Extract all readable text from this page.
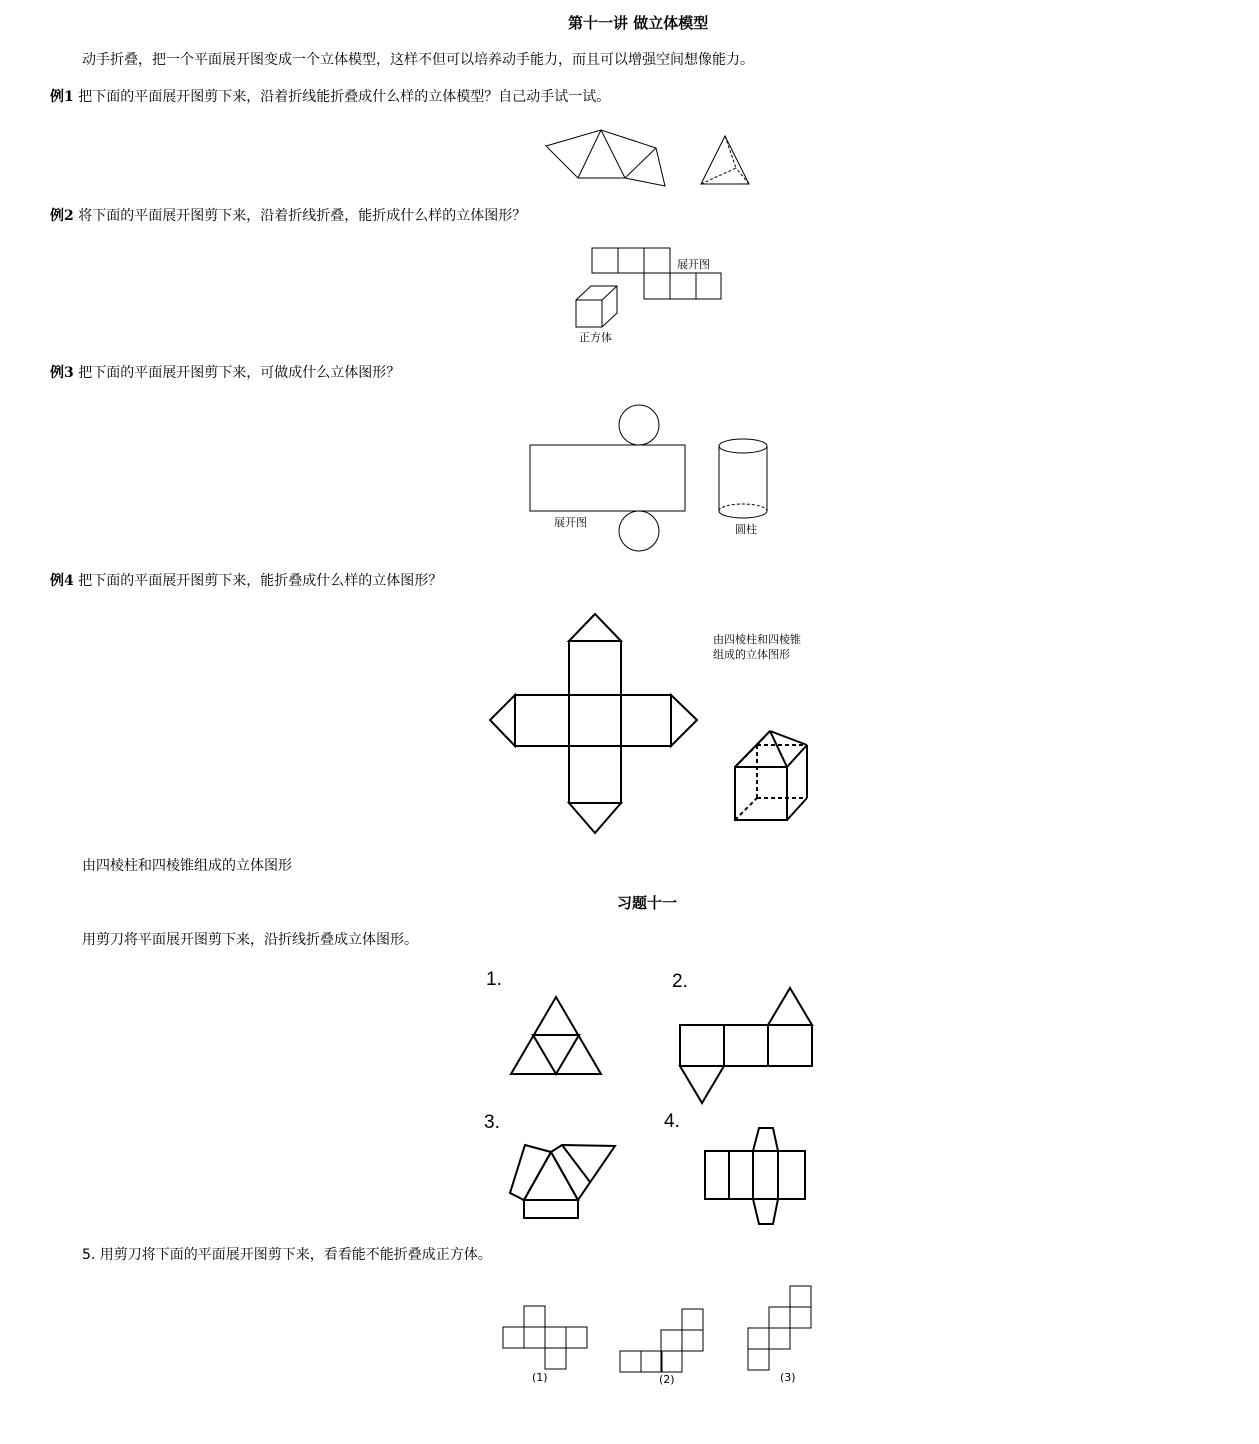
第十一讲 做立体模型
动手折叠，把一个平面展开图变成一个立体模型，这样不但可以培养动手能力，而且可以增强空间想像能力。
例1 把下面的平面展开图剪下来，沿着折线能折叠成什么样的立体模型？自己动手试一试。
例2 将下面的平面展开图剪下来，沿着折线折叠，能折成什么样的立体图形？
例3 把下面的平面展开图剪下来，可做成什么立体图形？
例4 把下面的平面展开图剪下来，能折叠成什么样的立体图形？
展开图
正方体
展开图
圆柱
由四棱柱和四棱锥
组成的立体图形
由四棱柱和四棱锥组成的立体图形
习题十一
用剪刀将平面展开图剪下来，沿折线折叠成立体图形。
1.	2.
3.	4.
5. 用剪刀将下面的平面展开图剪下来，看看能不能折叠成正方体。
(1)	(2)	(3)
